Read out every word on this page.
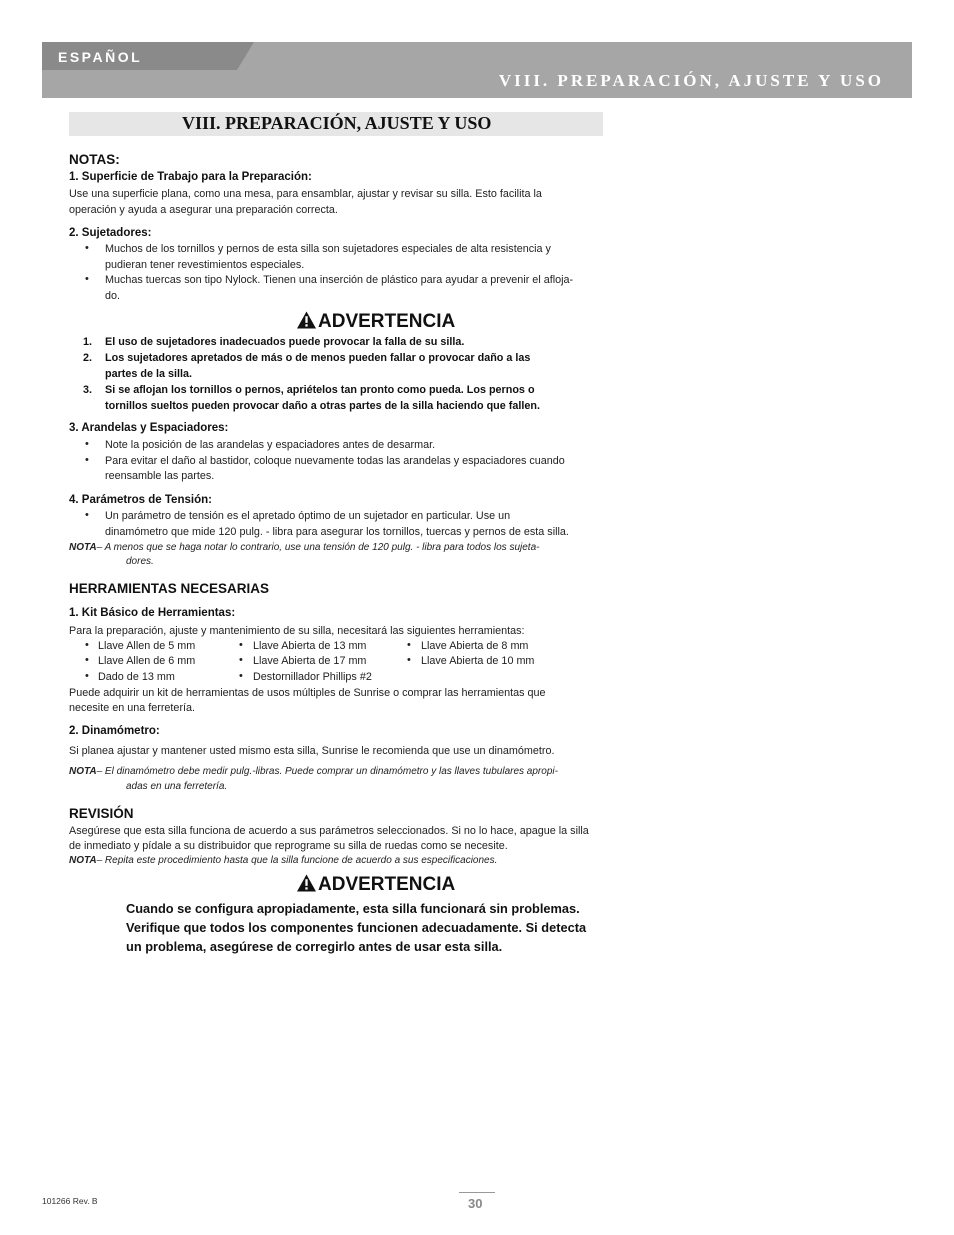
ESPAÑOL
VIII. PREPARACIÓN, AJUSTE Y USO
VIII. PREPARACIÓN, AJUSTE Y USO
NOTAS:
1. Superficie de Trabajo para la Preparación:
Use una superficie plana, como una mesa, para ensamblar, ajustar y revisar su silla. Esto facilita la
operación y ayuda a asegurar una preparación correcta.
2. Sujetadores:
• Muchos de los tornillos y pernos de esta silla son sujetadores especiales de alta resistencia y
pudieran tener revestimientos especiales.
• Muchas tuercas son tipo Nylock. Tienen una inserción de plástico para ayudar a prevenir el afloja-
do.
ADVERTENCIA
1. El uso de sujetadores inadecuados puede provocar la falla de su silla.
2. Los sujetadores apretados de más o de menos pueden fallar o provocar daño a las
partes de la silla.
3. Si se aflojan los tornillos o pernos, apriételos tan pronto como pueda. Los pernos o
tornillos sueltos pueden provocar daño a otras partes de la silla haciendo que fallen.
3. Arandelas y Espaciadores:
• Note la posición de las arandelas y espaciadores antes de desarmar.
• Para evitar el daño al bastidor, coloque nuevamente todas las arandelas y espaciadores cuando
reensamble las partes.
4. Parámetros de Tensión:
• Un parámetro de tensión es el apretado óptimo de un sujetador en particular. Use un
dinamómetro que mide 120 pulg. - libra para asegurar los tornillos, tuercas y pernos de esta silla.
NOTA– A menos que se haga notar lo contrario, use una tensión de 120 pulg. - libra para todos los sujeta-
dores.
HERRAMIENTAS NECESARIAS
1. Kit Básico de Herramientas:
Para la preparación, ajuste y mantenimiento de su silla, necesitará las siguientes herramientas:
• Llave Allen de 5 mm
• Llave Allen de 6 mm
• Dado de 13 mm
• Llave Abierta de 13 mm
• Llave Abierta de 17 mm
• Destornillador Phillips #2
• Llave Abierta de 8 mm
• Llave Abierta de 10 mm
Puede adquirir un kit de herramientas de usos múltiples de Sunrise o comprar las herramientas que
necesite en una ferretería.
2. Dinamómetro:
Si planea ajustar y mantener usted mismo esta silla, Sunrise le recomienda que use un dinamómetro.
NOTA– El dinamómetro debe medir pulg.-libras. Puede comprar un dinamómetro y las llaves tubulares apropi-
adas en una ferretería.
REVISIÓN
Asegúrese que esta silla funciona de acuerdo a sus parámetros seleccionados. Si no lo hace, apague la silla
de inmediato y pídale a su distribuidor que reprograme su silla de ruedas como se necesite.
NOTA– Repita este procedimiento hasta que la silla funcione de acuerdo a sus especificaciones.
ADVERTENCIA
Cuando se configura apropiadamente, esta silla funcionará sin problemas.
Verifique que todos los componentes funcionen adecuadamente. Si detecta
un problema, asegúrese de corregirlo antes de usar esta silla.
30
101266 Rev. B
